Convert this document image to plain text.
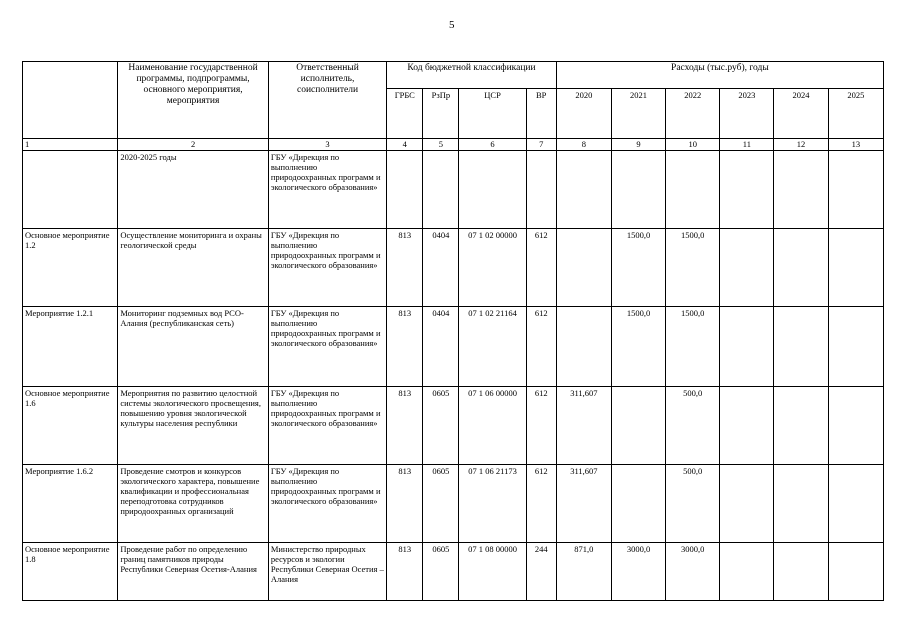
5
	Наименование государственной программы, подпрограммы, основного мероприятия, мероприятия	Ответственный исполнитель, соисполнители	Код бюджетной классификации				Расходы (тыс.руб), годы					
			ГРБС	РзПр	ЦСР	ВР	2020	2021	2022	2023	2024	2025
1	2	3	4	5	6	7	8	9	10	11	12	13
	2020-2025 годы	ГБУ «Дирекция по выполнению природоохранных программ и экологического образования»										
Основное мероприятие 1.2	Осуществление мониторинга и охраны геологической среды	ГБУ «Дирекция по выполнению природоохранных программ и экологического образования»	813	0404	07 1 02 00000	612		1500,0	1500,0			
Мероприятие 1.2.1	Мониторинг подземных вод РСО-Алания (республиканская сеть)	ГБУ «Дирекция по выполнению природоохранных программ и экологического образования»	813	0404	07 1 02 21164	612		1500,0	1500,0			
Основное мероприятие 1.6	Мероприятия по развитию целостной системы экологического просвещения, повышению уровня экологической культуры населения республики	ГБУ «Дирекция по выполнению природоохранных программ и экологического образования»	813	0605	07 1 06 00000	612	311,607		500,0			
Мероприятие 1.6.2	Проведение смотров и конкурсов экологического характера, повышение квалификации и профессиональная переподготовка сотрудников природоохранных организаций	ГБУ «Дирекция по выполнению природоохранных программ и экологического образования»	813	0605	07 1 06 21173	612	311,607		500,0			
Основное мероприятие 1.8	Проведение работ по определению границ памятников природы Республики Северная Осетия-Алания	Министерство природных ресурсов и экологии Республики Северная Осетия – Алания	813	0605	07 1 08 00000	244	871,0	3000,0	3000,0			
